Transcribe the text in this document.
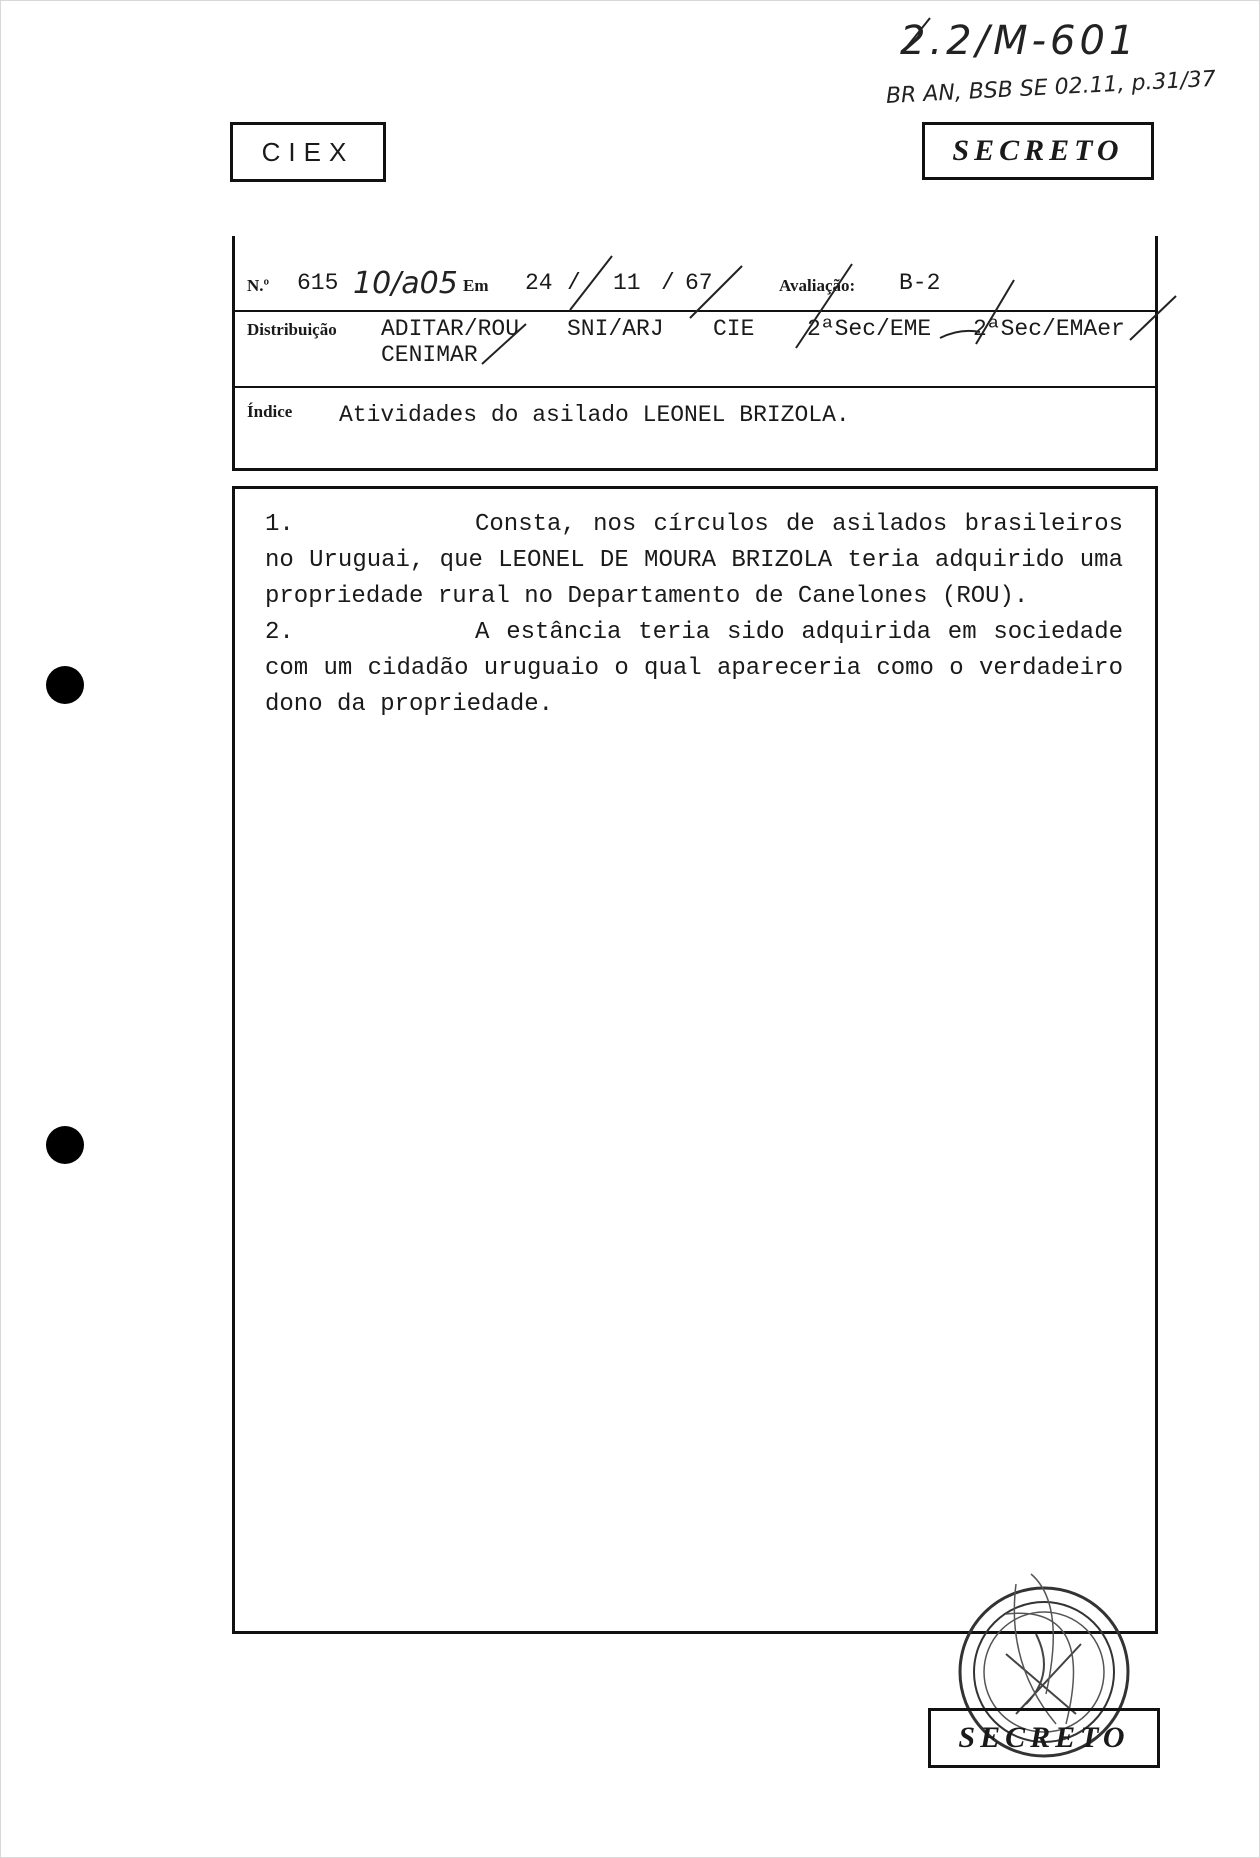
2.2/M-601
BR AN, BSB SE 02.11, p.31/37
CIEX	SECRETO
N.º 615 10/a05 Em 24 / 11 / 67	Avaliação: B-2
Distribuição ADITAR/ROU SNI/ARJ CIE 2ªSec/EME 2ªSec/EMAer
CENIMAR
Índice Atividades do asilado LEONEL BRIZOLA.
1.	Consta, nos círculos de asilados brasileiros
no Uruguai, que LEONEL DE MOURA BRIZOLA teria adquirido uma
propriedade rural no Departamento de Canelones (ROU).
2.	A estância teria sido adquirida em sociedade
com um cidadão uruguaio o qual apareceria como o verdadeiro
dono da propriedade.
SECRETO
